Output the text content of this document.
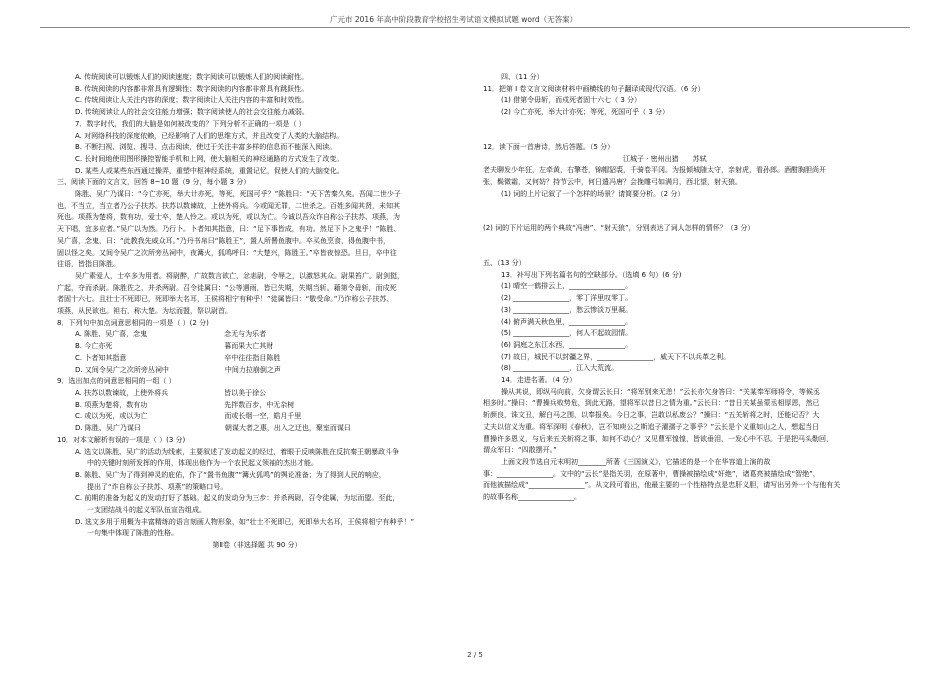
广元市 2016 年高中阶段教育学校招生考试语文模拟试题 word（无答案）
A. 传统阅读可以锻炼人们的阅读速度；数字阅读可以锻炼人们的阅读耐性。
B. 传统阅读的内容都非常具有逻辑性；数字阅读的内容都非常具有跳跃性。
C. 传统阅读让人关注内容的深度；数字阅读让人关注内容的丰富和时效性。
D. 传统阅读让人的社会交往能力增强；数字阅读使人的社会交往能力减弱。
7．数字时代，我们的大脑是如何被改变的？下列分析不正确的一项是（ ）
A. 对网络科技的深度依赖，已经影响了人们的思维方式，并且改变了人类的大脑结构。
B. 不断扫视、浏览、搜寻、点击阅读，使过于关注丰富多样的信息而不能深入阅读。
C. 长时间地使用图形操控智能手机和上网，使大脑相关的神经通路的方式发生了改变。
D. 某些人或某些东西通过操弄，重塑中枢神经系统，重置记忆，促使人们的大脑变化。
三、阅读下面的文言文，回答 8~10 题（9 分，每小题 3 分）
陈胜、吴广乃谋曰：“今亡亦死，举大计亦死，等死，死国可乎？”陈胜曰：“天下苦秦久矣。吾闻二世少子
也，不当立，当立者乃公子扶苏。扶苏以数谏故，上使外将兵。今或闻无罪，二世杀之。百姓多闻其贤，未知其
死也。项燕为楚将，数有功，爱士卒，楚人怜之。或以为死，或以为亡。今诚以吾众诈自称公子扶苏、项燕，为
天下唱，宜多应者。”吴广以为然。乃行卜。卜者知其指意，曰：“足下事皆成，有功。然足下卜之鬼乎！”陈胜、
吴广喜，念鬼，曰：“此教我先威众耳。”乃丹书帛曰“陈胜王”，置人所罾鱼腹中。卒买鱼烹食，得鱼腹中书，
固以怪之矣。又间令吴广之次所旁丛祠中，夜篝火，狐鸣呼曰：“大楚兴，陈胜王。”卒皆夜惊恐。旦日，卒中往
往语，皆指目陈胜。
吴广素爱人，士卒多为用者。将尉醉，广故数言欲亡，忿恚尉，令辱之，以激怒其众。尉果笞广。尉剑挺，
广起，夺而杀尉。陈胜佐之，并杀两尉。召令徒属曰：“公等遇雨，皆已失期，失期当斩。藉第令毋斩，而戍死
者固十六七。且壮士不死即已，死即举大名耳，王侯将相宁有种乎！”徒属皆曰：“敬受命。”乃诈称公子扶苏、
项燕，从民欲也。袒右，称大楚。为坛而盟，祭以尉首。
8．下列句中加点词意思相同的一项是（ ）(2 分)
A. 陈胜、吴广喜，念鬼　　　　　　　　　　　念无与为乐者
B. 今亡亦死　　　　　　　　　　　　　　　　暮而果大亡其财
C. 卜者知其指意　　　　　　　　　　　　　　卒中往往指目陈胜
D. 又间令吴广之次所旁丛祠中　　　　　　　　中间力拉崩倒之声
9．选出加点的词意思相同的一组（ ）
A. 扶苏以数谏故，上使外将兵　　　　　　　　皆以美于徐公
B. 项燕为楚将，数有功　　　　　　　　　　　先拌数百步，中无杂树
C. 或以为死，或以为亡　　　　　　　　　　　而或长烟一空，皓月千里
D. 陈胜、吴广乃谋曰　　　　　　　　　　　　朝谋大者之惠，出入之迂也，聚室而谋曰
10．对本文解析有误的一项是（ ）(3 分)
A. 选文以陈胜、吴广的活动为线索，主要叙述了发动起义的经过，着眼于反映陈胜在反抗秦王朝暴政斗争
中的关键时刻所发挥的作用，体现出他作为一个农民起义领袖的杰出才能。
B. 陈胜、吴广为了得到神灵的庇佑，作了“置书鱼腹”“篝火狐鸣”的舆论准备；为了得到人民的响应，
提出了“诈自称公子扶苏、项燕”的策略口号。
C. 前期的准备为起义的发动打好了基础。起义的发动分为三步：并杀两尉，召令徒属，为坛而盟。至此，
一支团结战斗的起义军队伍宣告组成。
D. 选文多用于用概为丰富精练的语言刻画人物形象，如“壮士不死即已，死即举大名耳，王侯将相宁有种乎！”
一句集中体现了陈胜的性格。
第Ⅱ卷（非选择题 共 90 分）
四、（11 分）
11．把第 I 卷文言文阅读材料中画横线的句子翻译成现代汉语。（6 分）
(1) 借第令毋斩，而戍死者固十六七（ 3 分）
(2) 今亡亦死，举大计亦死；等死，死国可乎（ 3 分）
12．读下面一首唐诗，然后答题。（5 分）
江城子 · 密州出猎　　苏轼
老夫聊发少年狂，左牵黄，右擎苍，锦帽貂裘，千骑卷平冈。为报倾城随太守，亲射虎，看孙郎。酒酣胸胆尚开
张，鬓微霜，又何妨？持节云中，何日遣冯唐？会挽雕弓如满月，西北望，射天狼。
(1) 词的上片记叙了一个怎样的场景？请简要分析。（2 分）
(2) 词的下片运用的两个典故“冯唐”、“射天狼”，分别表达了词人怎样的情怀？（3 分）
五、（13 分）
13．补写出下列名篇名句的空缺部分。（选填 6 句）(6 分)
(1) 晴空一鹤排云上，________________。
(2) ________________，零丁洋里叹零丁。
(3) ________________，愁云惨淡万里凝。
(4) 俯声满天秋色里，________________。
(5) ________________，何人不起故园情。
(6) 洞庭之东江水西，________________。
(7) 故日，城民不以封疆之界，________________，威天下不以兵革之利。
(8) ________________，江入大荒流。
14．走进名著。（4 分）
操从其说，即纵马向前，欠身谓云长曰：“将军别来无恙！”云长亦欠身答曰：“关某奉军师将令，等候丞
相多时。”操曰：“曹操兵败势危，到此无路，望将军以昔日之情为重。”云长曰：“昔日关某虽蒙丞相厚恩，然已
斩颜良，诛文丑，解白马之围，以奉报矣。今日之事，岂敢以私废公？”操曰：“五关斩将之时，还能记否？大
丈夫以信义为重。将军深明《春秋》，岂不知庾公之斯追子濯孺子之事乎？”云长是个义重如山之人，想起当日
曹操许多恩义，与后来五关斩将之事，如何不动心？又见曹军惶惶，皆欲垂泪，一发心中不忍。于是把马头勒回，
谓众军曰：“四散摆开。”
上面文段节选自元末明初________所著《三国演义》，它描述的是一个在华容道上演的故
事：________________。文中的“云长”是指关羽，在原著中，曹操被描绘成“奸绝”，诸葛亮被描绘成“智绝”，
而他被描绘成“________________”。从文段可看出，他最主要的一个性格特点是忠肝义胆，请写出另外一个与他有关
的故事名称________________。
2 / 5
